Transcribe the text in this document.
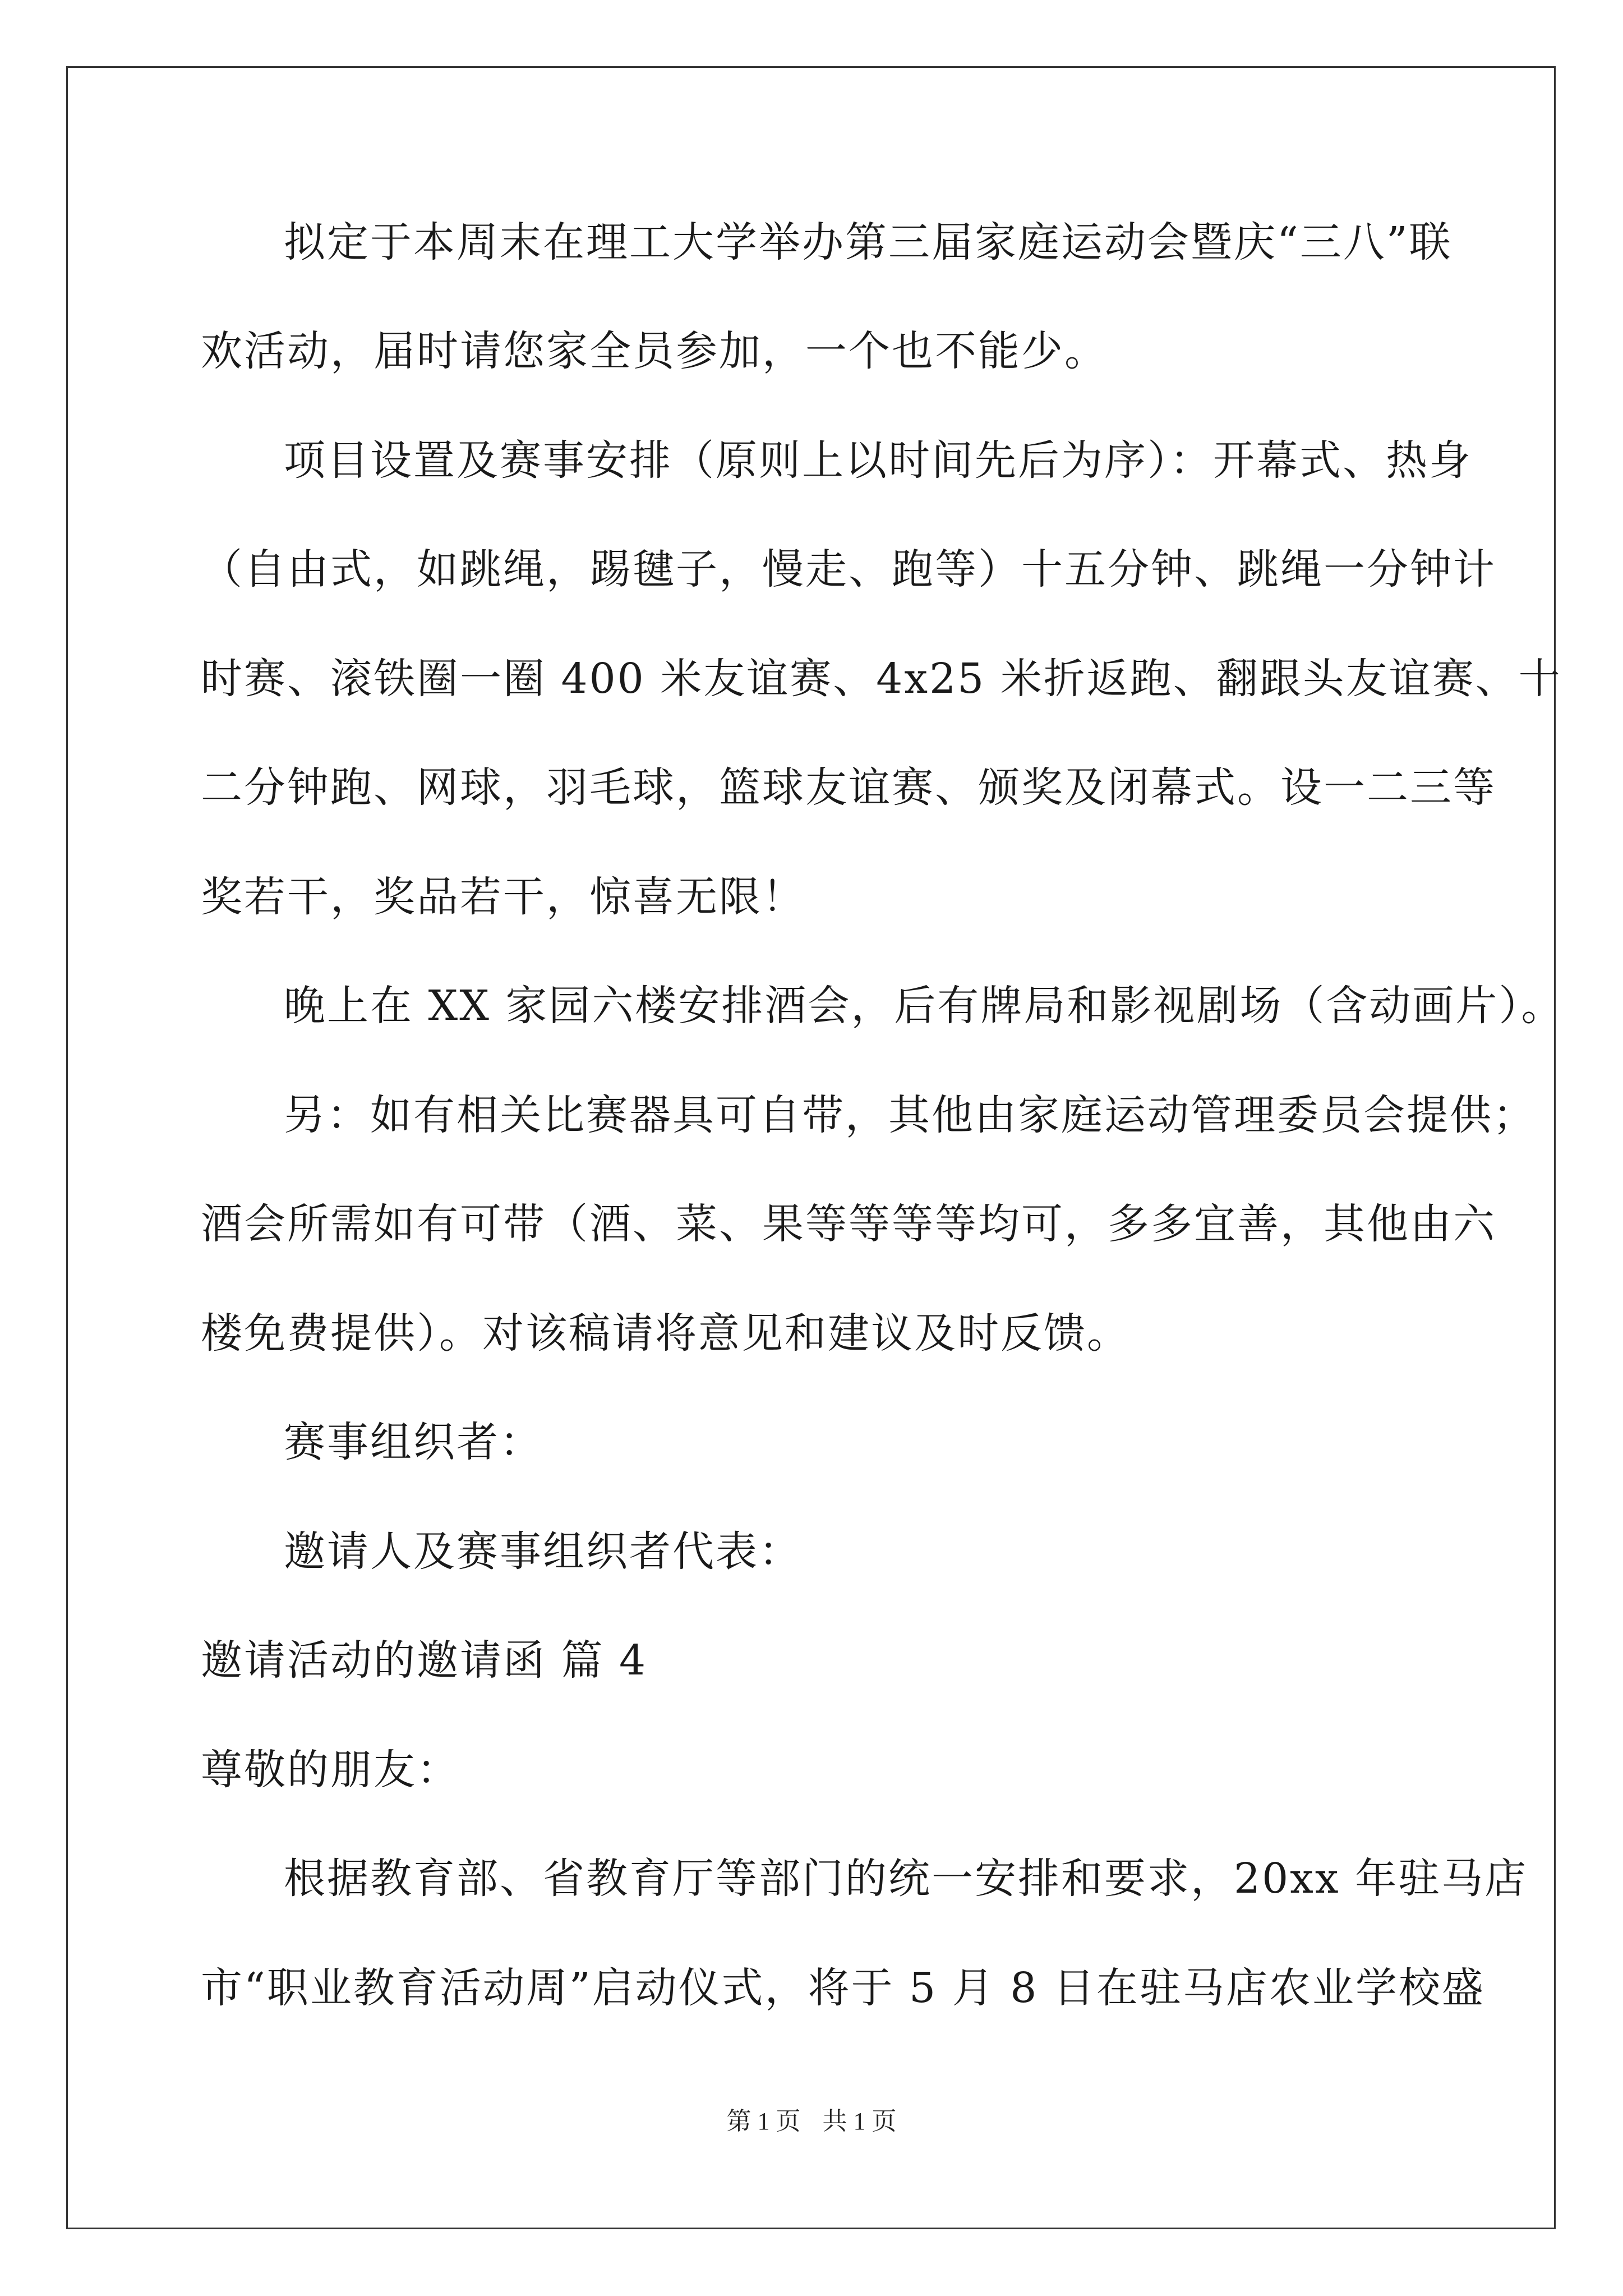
拟定于本周末在理工大学举办第三届家庭运动会暨庆“三八”联
欢活动，届时请您家全员参加，一个也不能少。
项目设置及赛事安排（原则上以时间先后为序）：开幕式、热身
（自由式，如跳绳，踢毽子，慢走、跑等）十五分钟、跳绳一分钟计
时赛、滚铁圈一圈 400 米友谊赛、4x25 米折返跑、翻跟头友谊赛、十
二分钟跑、网球，羽毛球，篮球友谊赛、颁奖及闭幕式。设一二三等
奖若干，奖品若干，惊喜无限！
晚上在 XX 家园六楼安排酒会，后有牌局和影视剧场（含动画片）。
另：如有相关比赛器具可自带，其他由家庭运动管理委员会提供；
酒会所需如有可带（酒、菜、果等等等等均可，多多宜善，其他由六
楼免费提供）。对该稿请将意见和建议及时反馈。
赛事组织者：
邀请人及赛事组织者代表：
邀请活动的邀请函 篇 4
尊敬的朋友：
根据教育部、省教育厅等部门的统一安排和要求，20xx 年驻马店
市“职业教育活动周”启动仪式，将于 5 月 8 日在驻马店农业学校盛
第 1 页 共 1 页
